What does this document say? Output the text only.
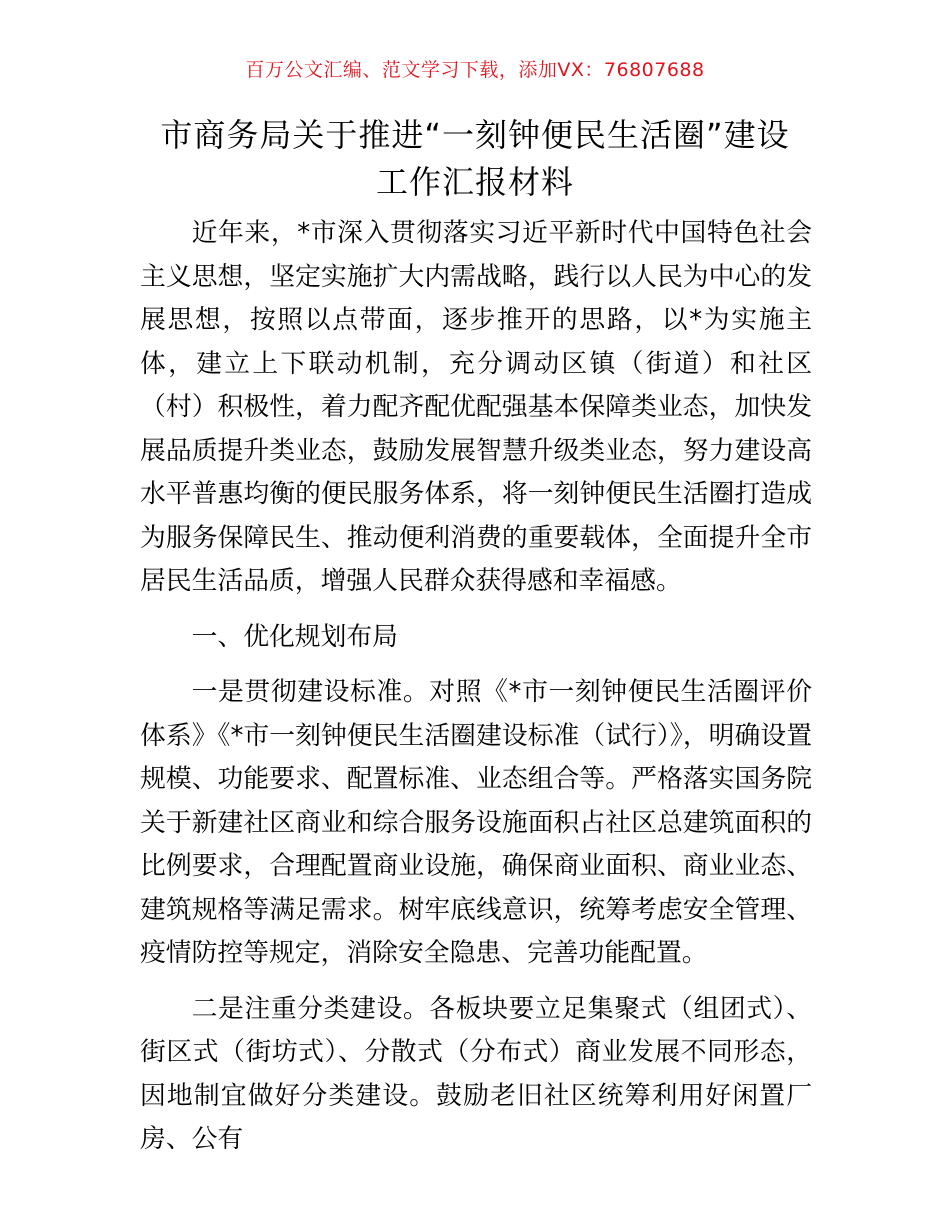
百万公文汇编、范文学习下载，添加VX：76807688
市商务局关于推进“一刻钟便民生活圈”建设
工作汇报材料

近年来，*市深入贯彻落实习近平新时代中国特色社会主义思想，坚定实施扩大内需战略，践行以人民为中心的发展思想，按照以点带面，逐步推开的思路，以*为实施主体，建立上下联动机制，充分调动区镇（街道）和社区（村）积极性，着力配齐配优配强基本保障类业态，加快发展品质提升类业态，鼓励发展智慧升级类业态，努力建设高水平普惠均衡的便民服务体系，将一刻钟便民生活圈打造成为服务保障民生、推动便利消费的重要载体，全面提升全市居民生活品质，增强人民群众获得感和幸福感。

一、优化规划布局

一是贯彻建设标准。对照《*市一刻钟便民生活圈评价体系》《*市一刻钟便民生活圈建设标准（试行）》，明确设置规模、功能要求、配置标准、业态组合等。严格落实国务院关于新建社区商业和综合服务设施面积占社区总建筑面积的比例要求，合理配置商业设施，确保商业面积、商业业态、建筑规格等满足需求。树牢底线意识，统筹考虑安全管理、疫情防控等规定，消除安全隐患、完善功能配置。

二是注重分类建设。各板块要立足集聚式（组团式）、街区式（街坊式）、分散式（分布式）商业发展不同形态，因地制宜做好分类建设。鼓励老旧社区统筹利用好闲置厂房、公有
